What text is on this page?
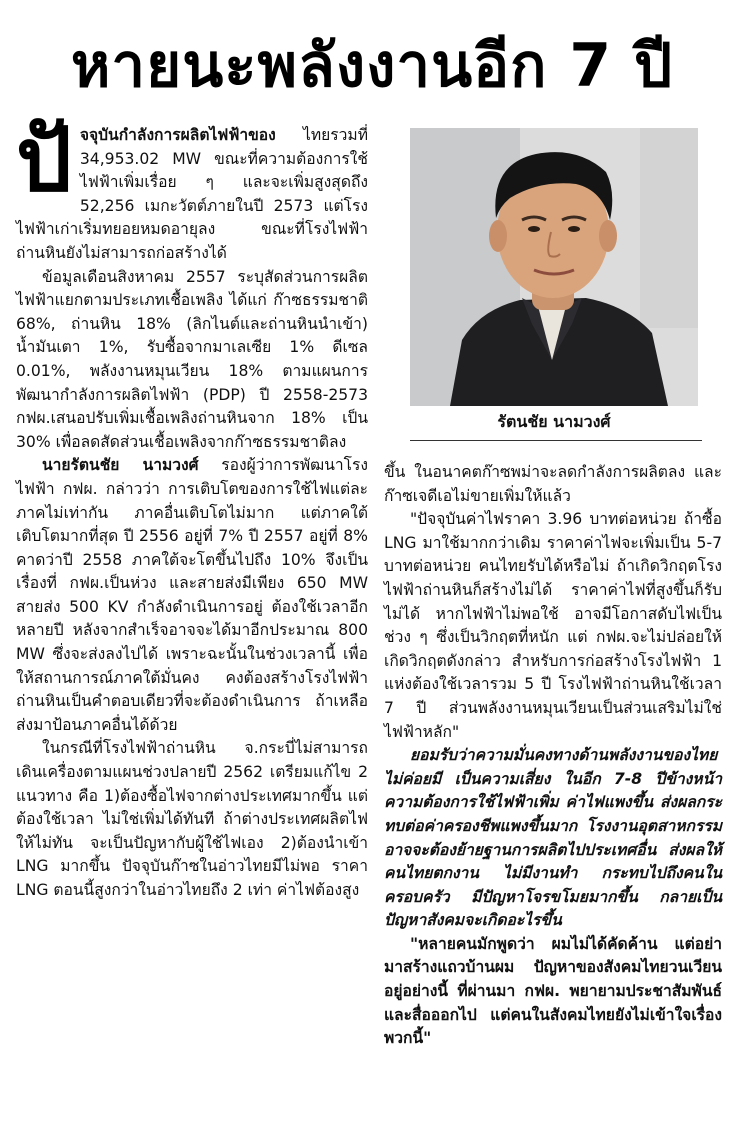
หายนะพลังงานอีก 7 ปี

ปั จจุบันกำลังการผลิตไฟฟ้าของ ไทยรวมที่ 34,953.02 MW ขณะที่ความต้องการใช้ไฟฟ้าเพิ่มเรื่อย ๆ และจะเพิ่มสูงสุดถึง 52,256 เมกะวัตต์ภายในปี 2573 แต่โรงไฟฟ้าเก่าเริ่มทยอยหมดอายุลง ขณะที่โรงไฟฟ้าถ่านหินยังไม่สามารถก่อสร้างได้

ข้อมูลเดือนสิงหาคม 2557 ระบุสัดส่วนการผลิตไฟฟ้าแยกตามประเภทเชื้อเพลิง ได้แก่ ก๊าซธรรมชาติ 68%, ถ่านหิน 18% (ลิกไนต์และถ่านหินนำเข้า) น้ำมันเตา 1%, รับซื้อจากมาเลเซีย 1% ดีเซล 0.01%, พลังงานหมุนเวียน 18% ตามแผนการพัฒนากำลังการผลิตไฟฟ้า (PDP) ปี 2558-2573 กฟผ.เสนอปรับเพิ่มเชื้อเพลิงถ่านหินจาก 18% เป็น 30% เพื่อลดสัดส่วนเชื้อเพลิงจากก๊าซธรรมชาติลง

นายรัตนชัย นามวงศ์ รองผู้ว่าการพัฒนาโรงไฟฟ้า กฟผ. กล่าวว่า การเติบโตของการใช้ไฟแต่ละภาคไม่เท่ากัน ภาคอื่นเติบโตไม่มาก แต่ภาคใต้เติบโตมากที่สุด ปี 2556 อยู่ที่ 7% ปี 2557 อยู่ที่ 8% คาดว่าปี 2558 ภาคใต้จะโตขึ้นไปถึง 10% จึงเป็นเรื่องที่ กฟผ.เป็นห่วง และสายส่งมีเพียง 650 MW สายส่ง 500 KV กำลังดำเนินการอยู่ ต้องใช้เวลาอีกหลายปี หลังจากสำเร็จอาจจะได้มาอีกประมาณ 800 MW ซึ่งจะส่งลงไปได้ เพราะฉะนั้นในช่วงเวลานี้ เพื่อให้สถานการณ์ภาคใต้มั่นคง คงต้องสร้างโรงไฟฟ้าถ่านหินเป็นคำตอบเดียวที่จะต้องดำเนินการ ถ้าเหลือส่งมาป้อนภาคอื่นได้ด้วย

ในกรณีที่โรงไฟฟ้าถ่านหิน จ.กระบี่ไม่สามารถเดินเครื่องตามแผนช่วงปลายปี 2562 เตรียมแก้ไข 2 แนวทาง คือ 1)ต้องซื้อไฟจากต่างประเทศมากขึ้น แต่ต้องใช้เวลา ไม่ใช่เพิ่มได้ทันที ถ้าต่างประเทศผลิตไฟให้ไม่ทัน จะเป็นปัญหากับผู้ใช้ไฟเอง 2)ต้องนำเข้า LNG มากขึ้น ปัจจุบันก๊าซในอ่าวไทยมีไม่พอ ราคา LNG ตอนนี้สูงกว่าในอ่าวไทยถึง 2 เท่า ค่าไฟต้องสูง

รัตนชัย นามวงศ์

ขึ้น ในอนาคตก๊าซพม่าจะลดกำลังการผลิตลง และก๊าซเจดีเอไม่ขายเพิ่มให้แล้ว

"ปัจจุบันค่าไฟราคา 3.96 บาทต่อหน่วย ถ้าซื้อ LNG มาใช้มากกว่าเดิม ราคาค่าไฟจะเพิ่มเป็น 5-7 บาทต่อหน่วย คนไทยรับได้หรือไม่ ถ้าเกิดวิกฤตโรงไฟฟ้าถ่านหินก็สร้างไม่ได้ ราคาค่าไฟที่สูงขึ้นก็รับไม่ได้ หากไฟฟ้าไม่พอใช้ อาจมีโอกาสดับไฟเป็นช่วง ๆ ซึ่งเป็นวิกฤตที่หนัก แต่ กฟผ.จะไม่ปล่อยให้เกิดวิกฤตดังกล่าว สำหรับการก่อสร้างโรงไฟฟ้า 1 แห่งต้องใช้เวลารวม 5 ปี โรงไฟฟ้าถ่านหินใช้เวลา 7 ปี ส่วนพลังงานหมุนเวียนเป็นส่วนเสริมไม่ใช่ไฟฟ้าหลัก"

ยอมรับว่าความมั่นคงทางด้านพลังงานของไทยไม่ค่อยมี เป็นความเสี่ยง ในอีก 7-8 ปีข้างหน้า ความต้องการใช้ไฟฟ้าเพิ่ม ค่าไฟแพงขึ้น ส่งผลกระทบต่อค่าครองชีพแพงขึ้นมาก โรงงานอุตสาหกรรมอาจจะต้องย้ายฐานการผลิตไปประเทศอื่น ส่งผลให้คนไทยตกงาน ไม่มีงานทำ กระทบไปถึงคนในครอบครัว มีปัญหาโจรขโมยมากขึ้น กลายเป็นปัญหาสังคมจะเกิดอะไรขึ้น

"หลายคนมักพูดว่า ผมไม่ได้คัดค้าน แต่อย่ามาสร้างแถวบ้านผม ปัญหาของสังคมไทยวนเวียนอยู่อย่างนี้ ที่ผ่านมา กฟผ. พยายามประชาสัมพันธ์และสื่อออกไป แต่คนในสังคมไทยยังไม่เข้าใจเรื่องพวกนี้"
